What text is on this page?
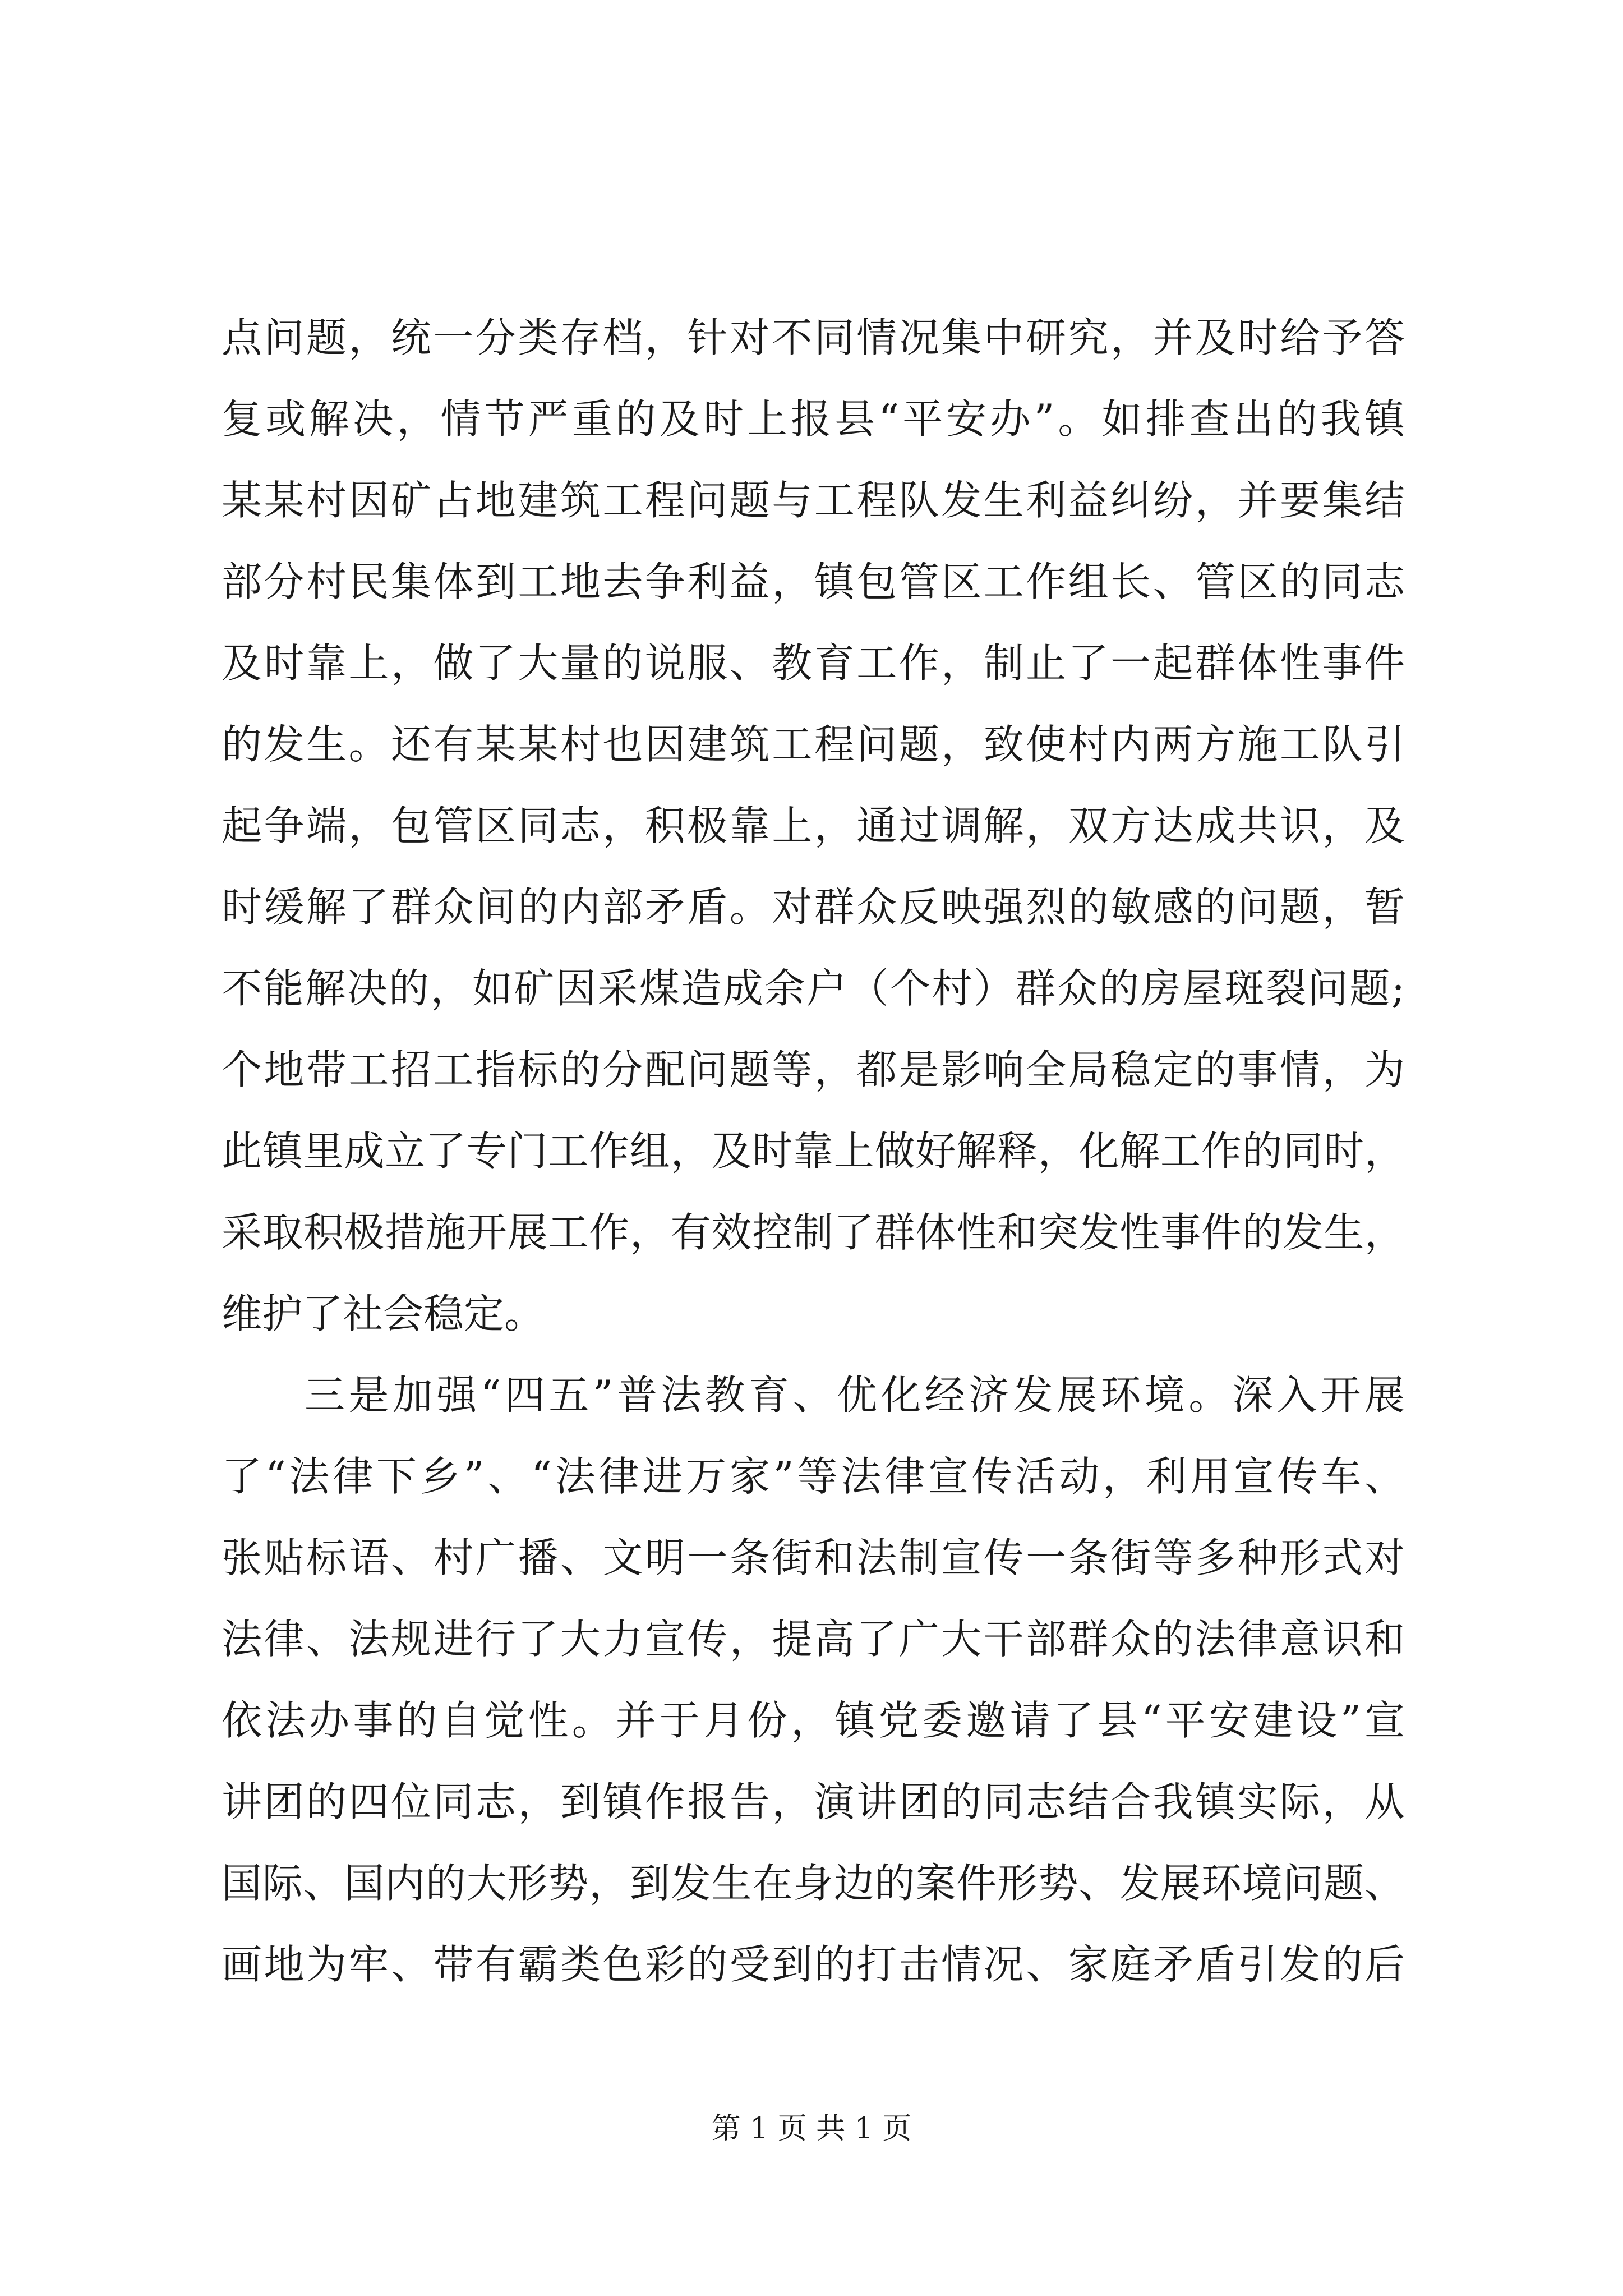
点问题，统一分类存档，针对不同情况集中研究，并及时给予答
复或解决，情节严重的及时上报县“平安办”。如排查出的我镇
某某村因矿占地建筑工程问题与工程队发生利益纠纷，并要集结
部分村民集体到工地去争利益，镇包管区工作组长、管区的同志
及时靠上，做了大量的说服、教育工作，制止了一起群体性事件
的发生。还有某某村也因建筑工程问题，致使村内两方施工队引
起争端，包管区同志，积极靠上，通过调解，双方达成共识，及
时缓解了群众间的内部矛盾。对群众反映强烈的敏感的问题，暂
不能解决的，如矿因采煤造成余户（个村）群众的房屋斑裂问题;
个地带工招工指标的分配问题等，都是影响全局稳定的事情，为
此镇里成立了专门工作组，及时靠上做好解释，化解工作的同时，
采取积极措施开展工作，有效控制了群体性和突发性事件的发生，
维护了社会稳定。
三是加强“四五”普法教育、优化经济发展环境。深入开展
了“法律下乡”、“法律进万家”等法律宣传活动，利用宣传车、
张贴标语、村广播、文明一条街和法制宣传一条街等多种形式对
法律、法规进行了大力宣传，提高了广大干部群众的法律意识和
依法办事的自觉性。并于月份，镇党委邀请了县“平安建设”宣
讲团的四位同志，到镇作报告，演讲团的同志结合我镇实际，从
国际、国内的大形势，到发生在身边的案件形势、发展环境问题、
画地为牢、带有霸类色彩的受到的打击情况、家庭矛盾引发的后
第 1 页 共 1 页
